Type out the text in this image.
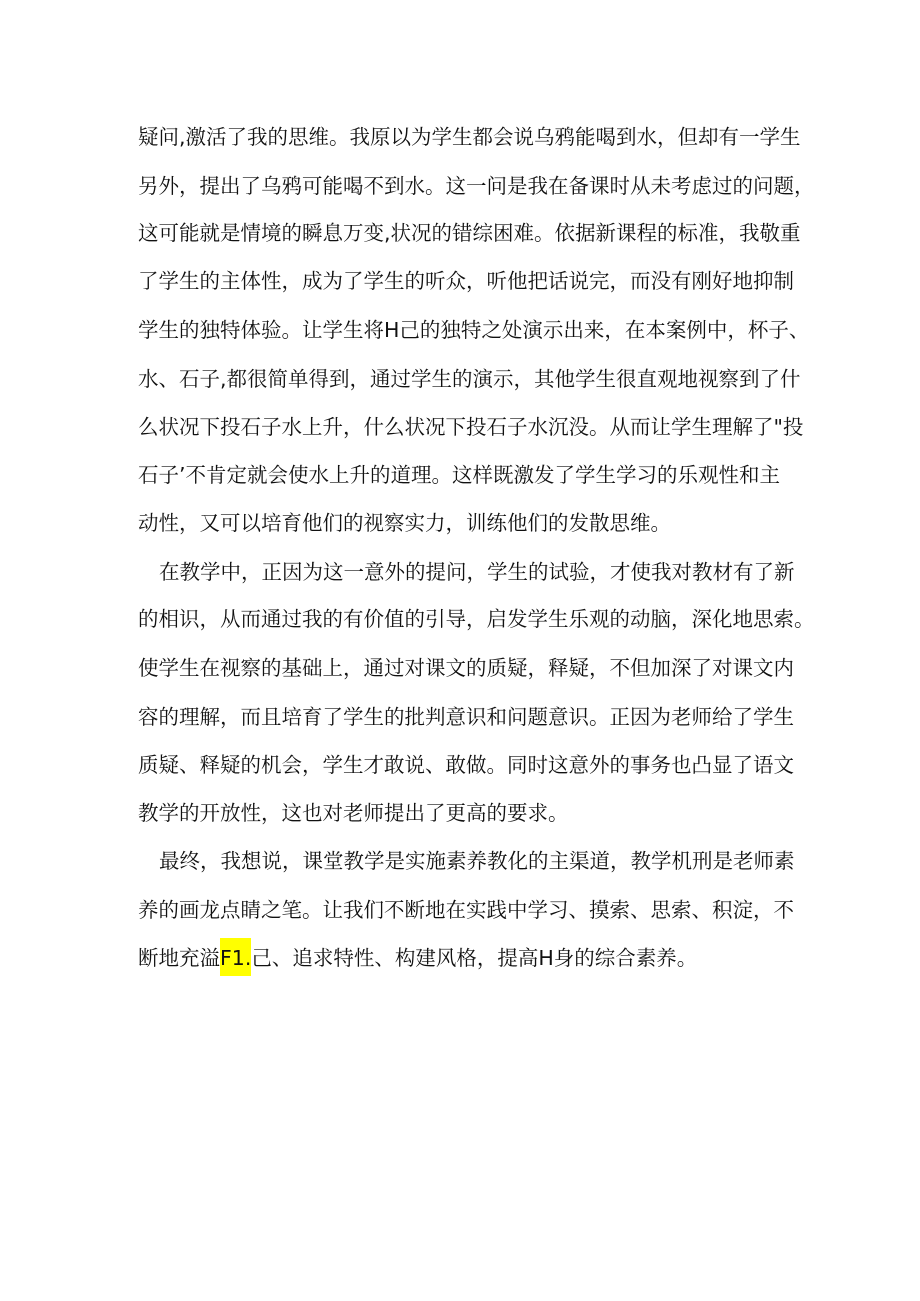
疑问,激活了我的思维。我原以为学生都会说乌鸦能喝到水，但却有一学生
另外，提出了乌鸦可能喝不到水。这一问是我在备课时从未考虑过的问题，
这可能就是情境的瞬息万变,状况的错综困难。依据新课程的标准，我敬重
了学生的主体性，成为了学生的听众，听他把话说完，而没有刚好地抑制
学生的独特体验。让学生将H己的独特之处演示出来，在本案例中，杯子、
水、石子,都很简单得到，通过学生的演示，其他学生很直观地视察到了什
么状况下投石子水上升，什么状况下投石子水沉没。从而让学生理解了"投
石子’不肯定就会使水上升的道理。这样既激发了学生学习的乐观性和主
动性，又可以培育他们的视察实力，训练他们的发散思维。
在教学中，正因为这一意外的提问，学生的试验，才使我对教材有了新
的相识，从而通过我的有价值的引导，启发学生乐观的动脑，深化地思索。
使学生在视察的基础上，通过对课文的质疑，释疑，不但加深了对课文内
容的理解，而且培育了学生的批判意识和问题意识。正因为老师给了学生
质疑、释疑的机会，学生才敢说、敢做。同时这意外的事务也凸显了语文
教学的开放性，这也对老师提出了更高的要求。
最终，我想说，课堂教学是实施素养教化的主渠道，教学机刑是老师素
养的画龙点睛之笔。让我们不断地在实践中学习、摸索、思索、积淀，不
断地充溢F1.己、追求特性、构建风格，提高H身的综合素养。
